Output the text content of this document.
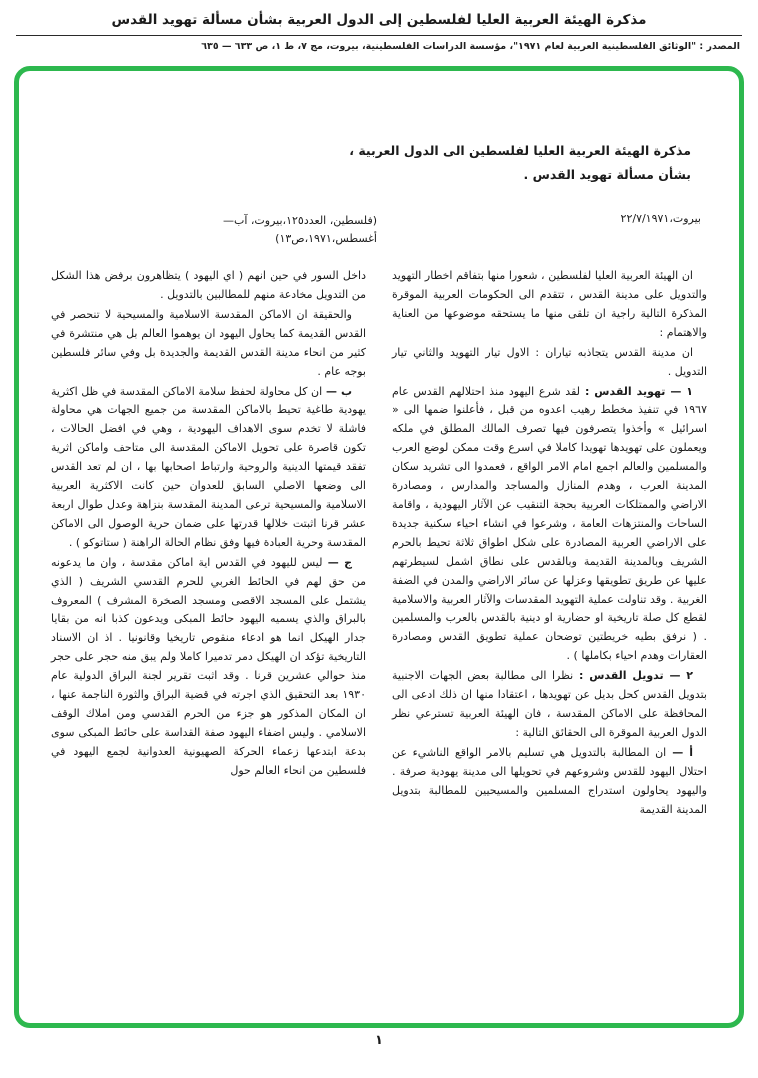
مذكرة الهيئة العربية العليا لفلسطين إلى الدول العربية بشأن مسألة تهويد القدس
المصدر : "الوثائق الفلسطينية العربية لعام ١٩٧١"، مؤسسة الدراسات الفلسطينية، بيروت، مج ٧، ط ١، ص ٦٣٣ — ٦٣٥
مذكرة الهيئة العربية العليا لفلسطين الى الدول العربية ،
بشأن مسألة تهويد القدس .
بيروت،٢٢/٧/١٩٧١
(فلسطين، العدد١٢٥،بيروت، آب—أغسطس،١٩٧١،ص١٣)

ان الهيئة العربية العليا لفلسطين ، شعورا منها بتفاقم اخطار التهويد والتدويل على مدينة القدس ، تتقدم الى الحكومات العربية الموقرة المذكرة التالية راجية ان تلقى منها ما يستحقه موضوعها من العناية والاهتمام :

ان مدينة القدس يتجاذبه تياران : الاول تيار التهويد والثاني تيار التدويل .

١ — تهويد القدس : لقد شرع اليهود منذ احتلالهم القدس عام ١٩٦٧ في تنفيذ مخطط رهيب اعدوه من قبل ، فأعلنوا ضمها الى « اسرائيل » وأخذوا يتصرفون فيها تصرف المالك المطلق في ملكه ويعملون على تهويدها تهويدا كاملا في اسرع وقت ممكن لوضع العرب والمسلمين والعالم اجمع امام الامر الواقع ، فعمدوا الى تشريد سكان المدينة العرب ، وهدم المنازل والمساجد والمدارس ، ومصادرة الاراضي والممتلكات العربية بحجة التنقيب عن الآثار اليهودية ، واقامة الساحات والمنتزهات العامة ، وشرعوا في انشاء احياء سكنية جديدة على الاراضي العربية المصادرة على شكل اطواق ثلاثة تحيط بالحرم الشريف وبالمدينة القديمة وبالقدس على نطاق اشمل لسيطرتهم عليها عن طريق تطويقها وعزلها عن سائر الاراضي والمدن في الضفة الغربية . وقد تناولت عملية التهويد المقدسات والآثار العربية والاسلامية لقطع كل صلة تاريخية او حضارية او دينية بالقدس بالعرب والمسلمين . ( نرفق بطيه خريطتين توضحان عملية تطويق القدس ومصادرة العقارات وهدم احياء بكاملها ) .

٢ — تدويل القدس : نظرا الى مطالبة بعض الجهات الاجنبية بتدويل القدس كحل بديل عن تهويدها ، اعتقادا منها ان ذلك ادعى الى المحافظة على الاماكن المقدسة ، فان الهيئة العربية تسترعي نظر الدول العربية الموقرة الى الحقائق التالية :

أ — ان المطالبة بالتدويل هي تسليم بالامر الواقع الناشيء عن احتلال اليهود للقدس وشروعهم في تحويلها الى مدينة يهودية صرفة . واليهود يحاولون استدراج المسلمين والمسيحيين للمطالبة بتدويل المدينة القديمة

داخل السور في حين انهم ( اي اليهود ) يتظاهرون برفض هذا الشكل من التدويل مخادعة منهم للمطالبين بالتدويل .

والحقيقة ان الاماكن المقدسة الاسلامية والمسيحية لا تنحصر في القدس القديمة كما يحاول اليهود ان يوهموا العالم بل هي منتشرة في كثير من انحاء مدينة القدس القديمة والجديدة بل وفي سائر فلسطين بوجه عام .

ب — ان كل محاولة لحفظ سلامة الاماكن المقدسة في ظل اكثرية يهودية طاغية تحيط بالاماكن المقدسة من جميع الجهات هي محاولة فاشلة لا تخدم سوى الاهداف اليهودية ، وهي في افضل الحالات ، تكون قاصرة على تحويل الاماكن المقدسة الى متاحف واماكن اثرية تفقد قيمتها الدينية والروحية وارتباط اصحابها بها ، ان لم تعد القدس الى وضعها الاصلي السابق للعدوان حين كانت الاكثرية العربية الاسلامية والمسيحية ترعى المدينة المقدسة بنزاهة وعدل طوال اربعة عشر قرنا اثبتت خلالها قدرتها على ضمان حرية الوصول الى الاماكن المقدسة وحرية العبادة فيها وفق نظام الحالة الراهنة ( ستاتوكو ) .

ج — ليس لليهود في القدس اية اماكن مقدسة ، وان ما يدعونه من حق لهم في الحائط الغربي للحرم القدسي الشريف ( الذي يشتمل على المسجد الاقصى ومسجد الصخرة المشرف ) المعروف بالبراق والذي يسميه اليهود حائط المبكى ويدعون كذبا انه من بقايا جدار الهيكل انما هو ادعاء منقوص تاريخيا وقانونيا . اذ ان الاسناد التاريخية تؤكد ان الهيكل دمر تدميرا كاملا ولم يبق منه حجر على حجر منذ حوالي عشرين قرنا . وقد اثبت تقرير لجنة البراق الدولية عام ١٩٣٠ بعد التحقيق الذي اجرته في قضية البراق والثورة الناجمة عنها ، ان المكان المذكور هو جزء من الحرم القدسي ومن املاك الوقف الاسلامي . وليس اضفاء اليهود صفة القداسة على حائط المبكى سوى بدعة ابتدعها زعماء الحركة الصهيونية العدوانية لجمع اليهود في فلسطين من انحاء العالم حول

١
